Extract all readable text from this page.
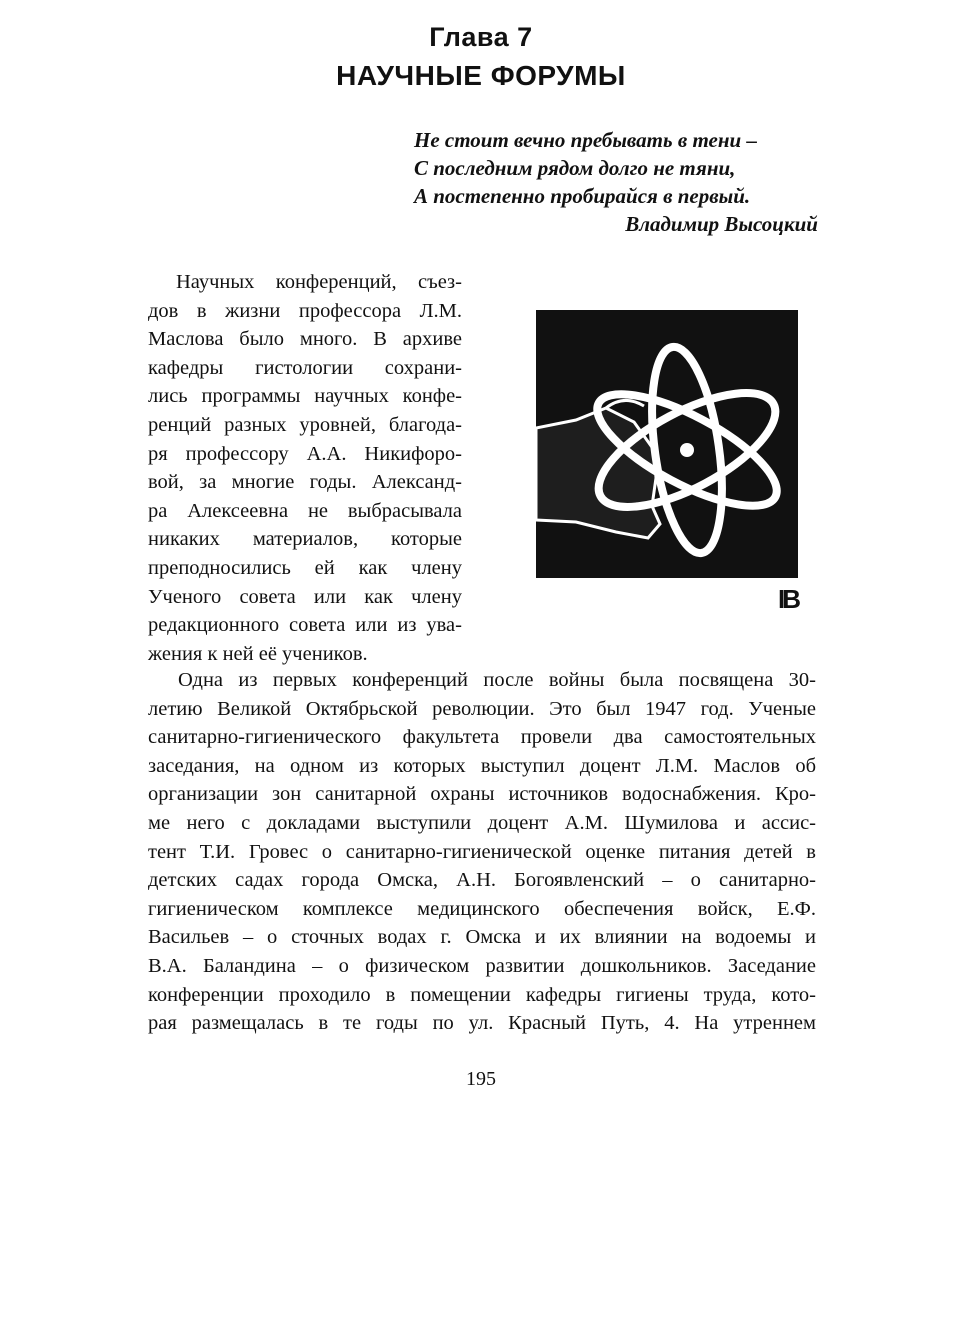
Глава 7
НАУЧНЫЕ ФОРУМЫ
Не стоит вечно пребывать в тени –
С последним рядом долго не тяни,
А постепенно пробирайся в первый.
Владимир Высоцкий
Научных конференций, съез-
дов в жизни профессора Л.М.
Маслова было много. В архиве
кафедры гистологии сохрани-
лись программы научных конфе-
ренций разных уровней, благода-
ря профессору А.А. Никифоро-
вой, за многие годы. Александ-
ра Алексеевна не выбрасывала
никаких материалов, которые
преподносились ей как члену
Ученого совета или как члену
редакционного совета или из ува-
жения к ней её учеников.
ІВ
Одна из первых конференций после войны была посвящена 30-
летию Великой Октябрьской революции. Это был 1947 год. Ученые
санитарно-гигиенического факультета провели два самостоятельных
заседания, на одном из которых выступил доцент Л.М. Маслов об
организации зон санитарной охраны источников водоснабжения. Кро-
ме него с докладами выступили доцент А.М. Шумилова и ассис-
тент Т.И. Гровес о санитарно-гигиенической оценке питания детей в
детских садах города Омска, А.Н. Богоявленский – о санитарно-
гигиеническом комплексе медицинского обеспечения войск, Е.Ф.
Васильев – о сточных водах г. Омска и их влиянии на водоемы и
В.А. Баландина – о физическом развитии дошкольников. Заседание
конференции проходило в помещении кафедры гигиены труда, кото-
рая размещалась в те годы по ул. Красный Путь, 4. На утреннем
195
